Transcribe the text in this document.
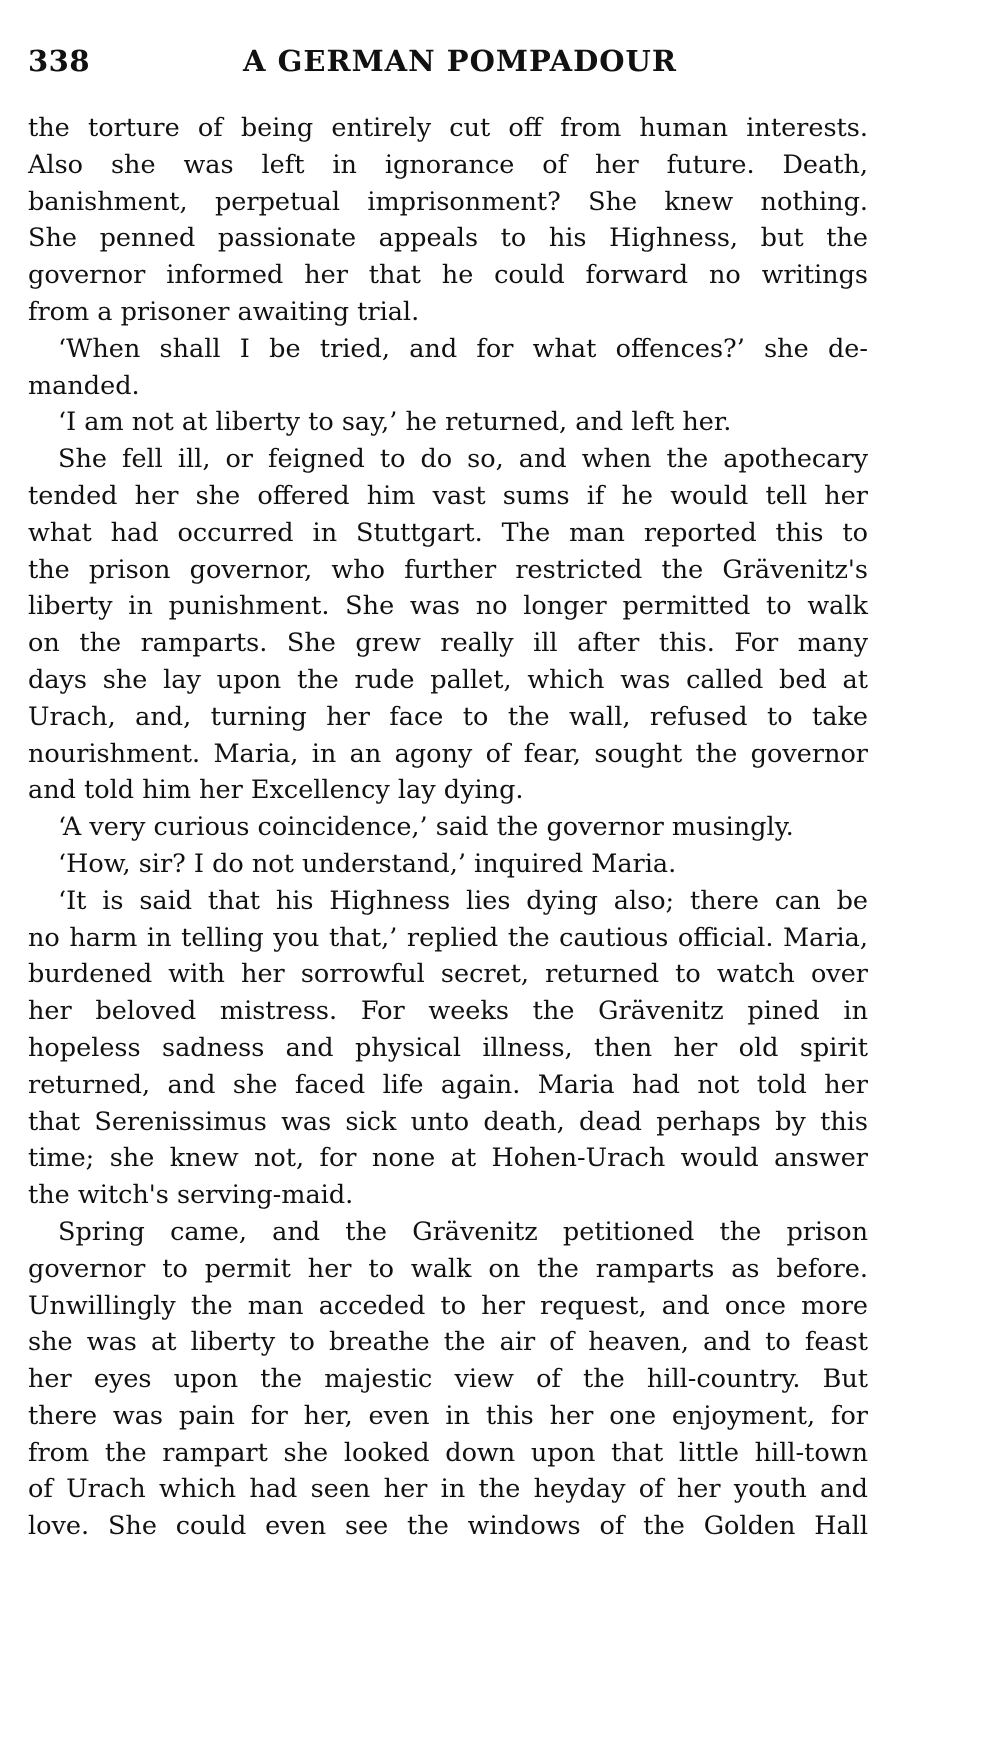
338	A GERMAN POMPADOUR
the torture of being entirely cut off from human interests.
Also she was left in ignorance of her future. Death,
banishment, perpetual imprisonment? She knew nothing.
She penned passionate appeals to his Highness, but the
governor informed her that he could forward no writings
from a prisoner awaiting trial.
‘When shall I be tried, and for what offences?’ she de-
manded.
‘I am not at liberty to say,’ he returned, and left her.
She fell ill, or feigned to do so, and when the apothecary
tended her she offered him vast sums if he would tell her
what had occurred in Stuttgart. The man reported this to
the prison governor, who further restricted the Grävenitz's
liberty in punishment. She was no longer permitted to walk
on the ramparts. She grew really ill after this. For many
days she lay upon the rude pallet, which was called bed at
Urach, and, turning her face to the wall, refused to take
nourishment. Maria, in an agony of fear, sought the governor
and told him her Excellency lay dying.
‘A very curious coincidence,’ said the governor musingly.
‘How, sir? I do not understand,’ inquired Maria.
‘It is said that his Highness lies dying also; there can be
no harm in telling you that,’ replied the cautious official. Maria,
burdened with her sorrowful secret, returned to watch over
her beloved mistress. For weeks the Grävenitz pined in
hopeless sadness and physical illness, then her old spirit
returned, and she faced life again. Maria had not told her
that Serenissimus was sick unto death, dead perhaps by this
time; she knew not, for none at Hohen-Urach would answer
the witch's serving-maid.
Spring came, and the Grävenitz petitioned the prison
governor to permit her to walk on the ramparts as before.
Unwillingly the man acceded to her request, and once more
she was at liberty to breathe the air of heaven, and to feast
her eyes upon the majestic view of the hill-country. But
there was pain for her, even in this her one enjoyment, for
from the rampart she looked down upon that little hill-town
of Urach which had seen her in the heyday of her youth and
love. She could even see the windows of the Golden Hall
